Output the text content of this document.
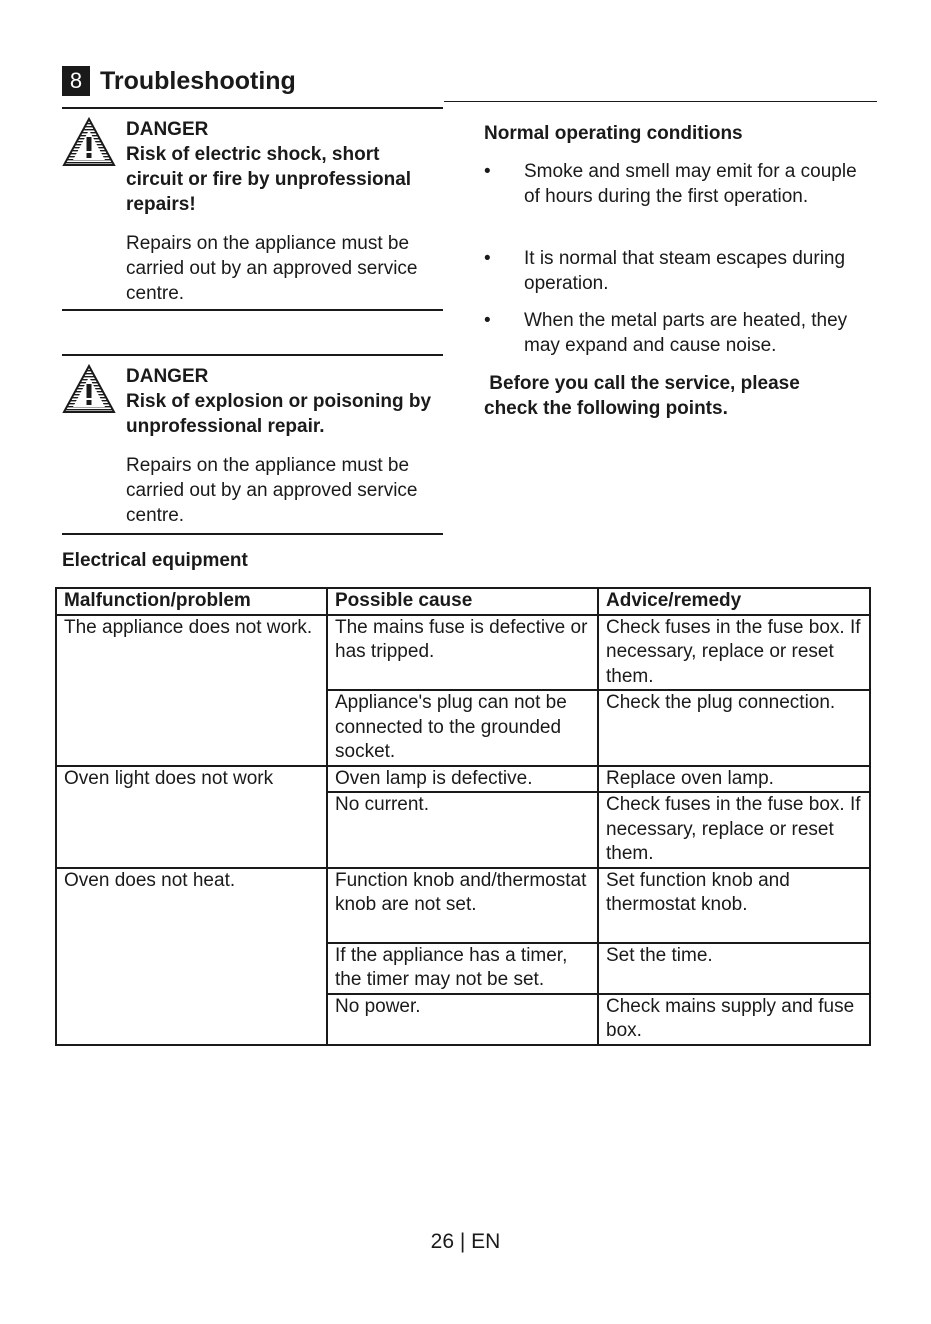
8 Troubleshooting
DANGER
Risk of electric shock, short circuit or fire by unprofessional repairs!
Repairs on the appliance must be carried out by an approved service centre.
DANGER
Risk of explosion or poisoning by unprofessional repair.
Repairs on the appliance must be carried out by an approved service centre.
Normal operating conditions
•	Smoke and smell may emit for a couple of hours during the first operation.
•	It is normal that steam escapes during operation.
•	When the metal parts are heated, they may expand and cause noise.
Before you call the service, please check the following points.
Electrical equipment
Malfunction/problem	Possible cause	Advice/remedy
The appliance does not work.	The mains fuse is defective or has tripped.	Check fuses in the fuse box. If necessary, replace or reset them.
	Appliance's plug can not be connected to the grounded socket.	Check the plug connection.
Oven light does not work	Oven lamp is defective.	Replace oven lamp.
	No current.	Check fuses in the fuse box. If necessary, replace or reset them.
Oven does not heat.	Function knob and/thermostat knob are not set.	Set function knob and thermostat knob.
	If the appliance has a timer, the timer may not be set.	Set the time.
	No power.	Check mains supply and fuse box.
26 | EN
